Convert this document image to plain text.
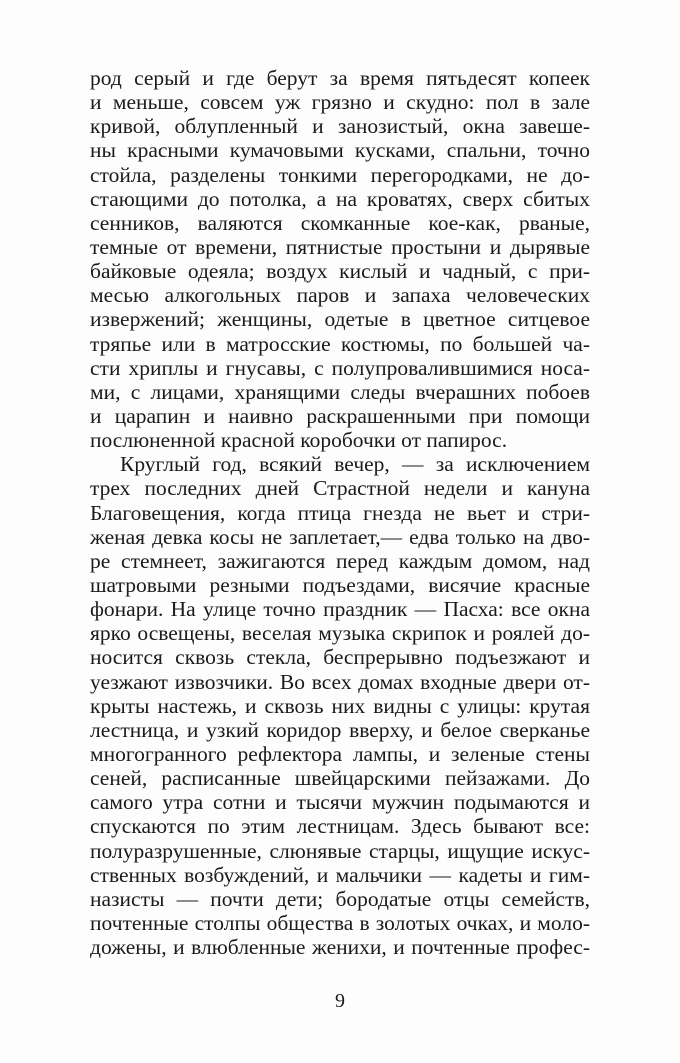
род серый и где берут за время пятьдесят копеек
и меньше, совсем уж грязно и скудно: пол в зале
кривой, облупленный и занозистый, окна завеше-
ны красными кумачовыми кусками, спальни, точно
стойла, разделены тонкими перегородками, не до-
стающими до потолка, а на кроватях, сверх сбитых
сенников, валяются скомканные кое-как, рваные,
темные от времени, пятнистые простыни и дырявые
байковые одеяла; воздух кислый и чадный, с при-
месью алкогольных паров и запаха человеческих
извержений; женщины, одетые в цветное ситцевое
тряпье или в матросские костюмы, по большей ча-
сти хриплы и гнусавы, с полупровалившимися носа-
ми, с лицами, хранящими следы вчерашних побоев
и царапин и наивно раскрашенными при помощи
послюненной красной коробочки от папирос.
Круглый год, всякий вечер, — за исключением
трех последних дней Страстной недели и кануна
Благовещения, когда птица гнезда не вьет и стри-
женая девка косы не заплетает,— едва только на дво-
ре стемнеет, зажигаются перед каждым домом, над
шатровыми резными подъездами, висячие красные
фонари. На улице точно праздник — Пасха: все окна
ярко освещены, веселая музыка скрипок и роялей до-
носится сквозь стекла, беспрерывно подъезжают и
уезжают извозчики. Во всех домах входные двери от-
крыты настежь, и сквозь них видны с улицы: крутая
лестница, и узкий коридор вверху, и белое сверканье
многогранного рефлектора лампы, и зеленые стены
сеней, расписанные швейцарскими пейзажами. До
самого утра сотни и тысячи мужчин подымаются и
спускаются по этим лестницам. Здесь бывают все:
полуразрушенные, слюнявые старцы, ищущие искус-
ственных возбуждений, и мальчики — кадеты и гим-
назисты — почти дети; бородатые отцы семейств,
почтенные столпы общества в золотых очках, и моло-
дожены, и влюбленные женихи, и почтенные профес-
9
